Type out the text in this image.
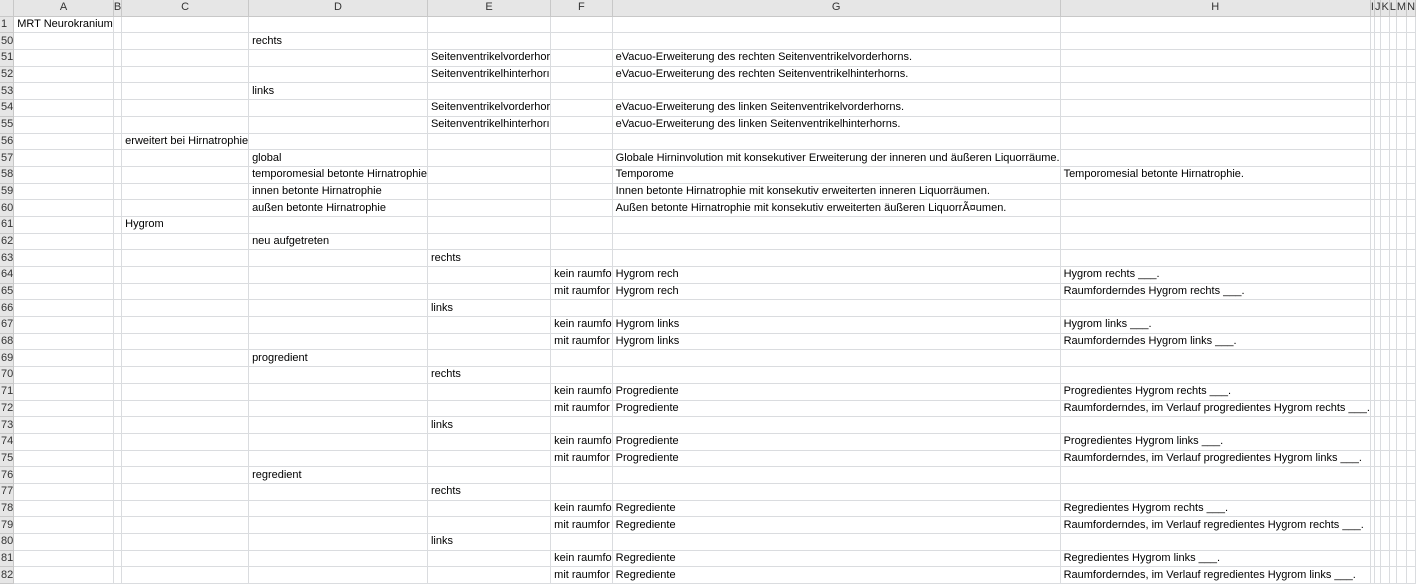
	A	B	C	D	E	F	G	H	I	J	K	L	M	N
1	MRT Neurokranium													
50				rechts										
51					Seitenventrikelvorderhor		eVacuo-Erweiterung des rechten Seitenventrikelvorderhorns.							
52					Seitenventrikelhinterhorı		eVacuo-Erweiterung des rechten Seitenventrikelhinterhorns.							
53				links										
54					Seitenventrikelvorderhor		eVacuo-Erweiterung des linken Seitenventrikelvorderhorns.							
55					Seitenventrikelhinterhorı		eVacuo-Erweiterung des linken Seitenventrikelhinterhorns.							
56			erweitert bei Hirnatrophie											
57				global			Globale Hirninvolution mit konsekutiver Erweiterung der inneren und äußeren Liquorräume.							
58				temporomesial betonte Hirnatrophie			Temporome	Temporomesial betonte Hirnatrophie.						
59				innen betonte Hirnatrophie			Innen betonte Hirnatrophie mit konsekutiv erweiterten inneren Liquorräumen.							
60				außen betonte Hirnatrophie			Außen betonte Hirnatrophie mit konsekutiv erweiterten äußeren LiquorrÃ¤umen.							
61			Hygrom											
62				neu aufgetreten										
63					rechts									
64						kein raumfo	Hygrom rech	Hygrom rechts ___.						
65						mit raumfor	Hygrom rech	Raumforderndes Hygrom rechts ___.						
66					links									
67						kein raumfo	Hygrom links	Hygrom links ___.						
68						mit raumfor	Hygrom links	Raumforderndes Hygrom links ___.						
69				progredient										
70					rechts									
71						kein raumfo	Progrediente	Progredientes Hygrom rechts ___.						
72						mit raumfor	Progrediente	Raumforderndes, im Verlauf progredientes Hygrom rechts ___.						
73					links									
74						kein raumfo	Progrediente	Progredientes Hygrom links ___.						
75						mit raumfor	Progrediente	Raumforderndes, im Verlauf progredientes Hygrom links ___.						
76				regredient										
77					rechts									
78						kein raumfo	Regrediente	Regredientes Hygrom rechts ___.						
79						mit raumfor	Regrediente	Raumforderndes, im Verlauf regredientes Hygrom rechts ___.						
80					links									
81						kein raumfo	Regrediente	Regredientes Hygrom links ___.						
82						mit raumfor	Regrediente	Raumforderndes, im Verlauf regredientes Hygrom links ___.						
